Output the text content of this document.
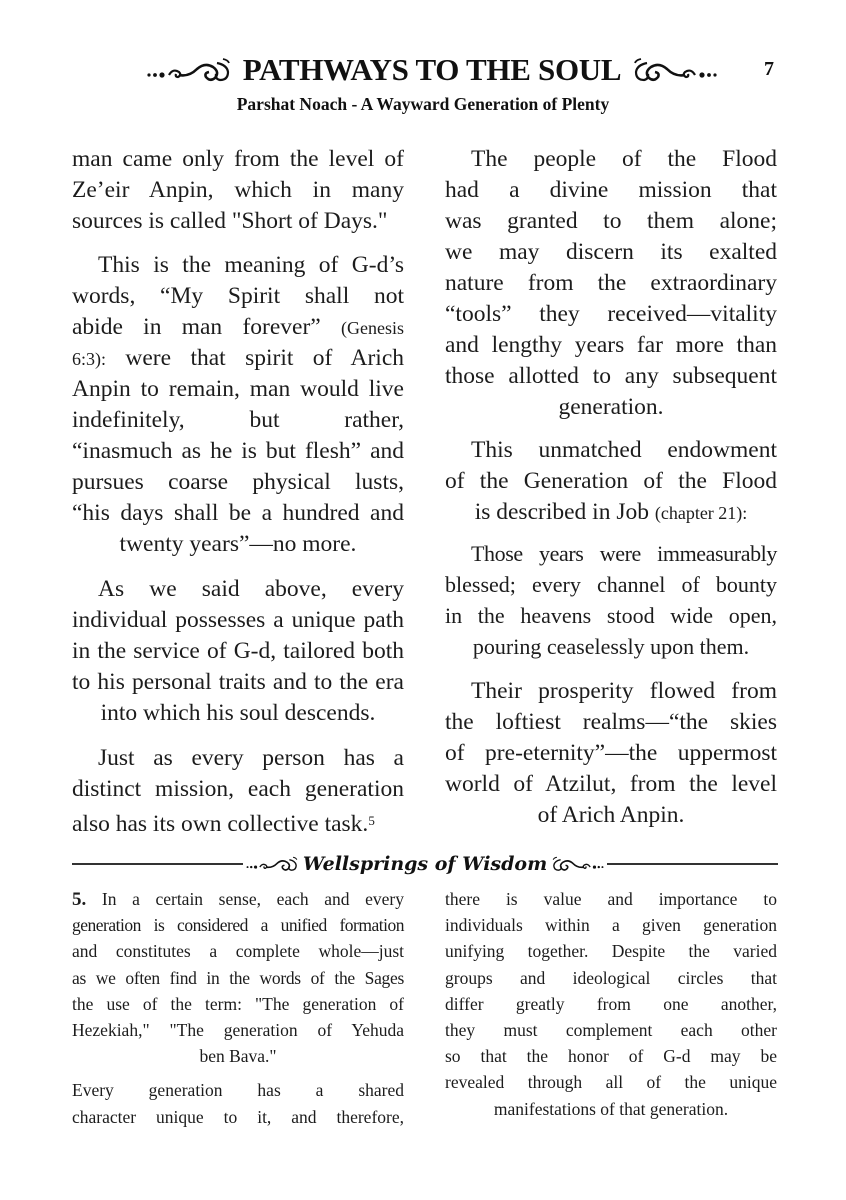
PATHWAYS TO THE SOUL	7
Parshat Noach - A Wayward Generation of Plenty
man came only from the level of
Ze’eir Anpin, which in many
sources is called "Short of Days."
This is the meaning of G-d’s
words, “My Spirit shall not
abide in man forever” (Genesis
6:3): were that spirit of Arich
Anpin to remain, man would live
indefinitely, but rather,
“inasmuch as he is but flesh” and
pursues coarse physical lusts,
“his days shall be a hundred and
twenty years”—no more.
As we said above, every
individual possesses a unique path
in the service of G-d, tailored both
to his personal traits and to the era
into which his soul descends.
Just as every person has a
distinct mission, each generation
also has its own collective task.$^5$
The people of the Flood
had a divine mission that
was granted to them alone;
we may discern its exalted
nature from the extraordinary
“tools” they received—vitality
and lengthy years far more than
those allotted to any subsequent
generation.
This unmatched endowment
of the Generation of the Flood
is described in Job (chapter 21):
Those years were immeasurably
blessed; every channel of bounty
in the heavens stood wide open,
pouring ceaselessly upon them.
Their prosperity flowed from
the loftiest realms—“the skies
of pre-eternity”—the uppermost
world of Atzilut, from the level
of Arich Anpin.
Wellsprings of Wisdom
5. In a certain sense, each and every
generation is considered a unified formation
and constitutes a complete whole—just
as we often find in the words of the Sages
the use of the term: "The generation of
Hezekiah," "The generation of Yehuda
ben Bava."
Every generation has a shared
character unique to it, and therefore,
there is value and importance to
individuals within a given generation
unifying together. Despite the varied
groups and ideological circles that
differ greatly from one another,
they must complement each other
so that the honor of G-d may be
revealed through all of the unique
manifestations of that generation.
